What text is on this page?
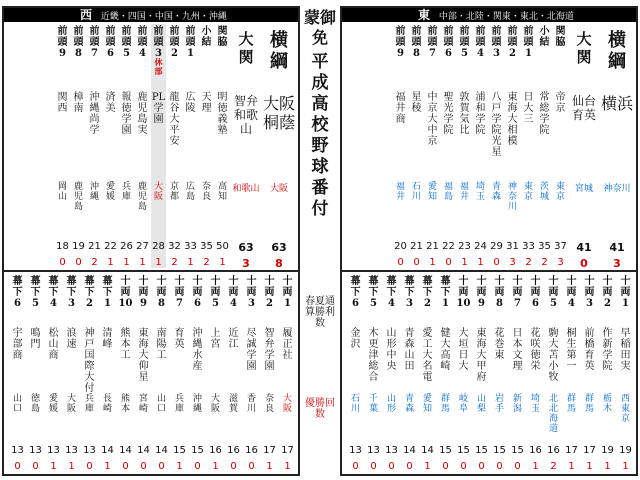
西 近畿・四国・中国・九州・沖縄
横綱
大阪桐蔭
大阪
63
8
大関
智弁和歌山
和歌山
63
3
関脇
明徳義塾
高知
50
1
小結
天理
奈良
35
2
前頭1
広陵
広島
33
1
前頭2
龍谷大平安
京都
32
2
前頭3
休部
PL学園
大阪
28
1
前頭4
鹿児島実
鹿児島
27
1
前頭5
報徳学園
兵庫
26
1
前頭6
済美
愛媛
22
1
前頭7
沖縄尚学
沖縄
21
2
前頭8
樟南
鹿児島
19
0
前頭9
関西
岡山
18
0
十両1
履正社
大阪
17
1
十両2
智弁学園
奈良
17
1
十両3
尽誠学園
香川
16
0
十両4
近江
滋賀
16
0
十両5
上宮
大阪
16
1
十両6
沖縄水産
沖縄
15
0
十両7
育英
兵庫
15
1
十両8
南陽工
山口
14
0
十両9
東海大仰星
宮崎
14
0
十両10
熊本工
熊本
14
0
幕下1
清峰
長崎
14
1
幕下2
神戸国際大付
兵庫
13
0
幕下3
浪速
大阪
13
1
幕下4
松山商
愛媛
13
1
幕下5
鳴門
徳島
13
0
幕下6
宇部商
山口
13
0
蒙御免
平成高校野球番付
春夏通算勝利数
優勝回数
東 中部・北陸・関東・東北・北海道
横綱
横浜
神奈川
41
3
大関
仙台育英
宮城
41
0
関脇
帝京
東京
37
3
小結
常総学院
茨城
35
2
前頭1
日大三
東京
33
2
前頭2
東海大相模
神奈川
31
3
前頭3
八戸学院光星
青森
29
0
前頭4
浦和学院
埼玉
24
1
前頭5
敦賀気比
福井
23
1
前頭6
聖光学院
福島
22
0
前頭7
中京大中京
愛知
21
1
前頭8
星稜
石川
21
0
前頭9
福井商
福井
20
0
十両1
早稲田実
西東京
19
1
十両2
作新学院
栃木
19
1
十両3
前橋育英
群馬
17
1
十両4
桐生第一
群馬
17
1
十両5
駒大苫小牧
北北海道
16
2
十両6
花咲徳栄
埼玉
16
1
十両7
日本文理
新潟
15
0
十両8
花巻東
岩手
15
0
十両9
東海大甲府
山梨
15
0
十両10
大垣日大
岐阜
15
0
幕下1
健大高崎
群馬
15
0
幕下2
愛工大名電
愛知
14
1
幕下3
青森山田
青森
14
0
幕下4
山形中央
山形
13
0
幕下5
木更津総合
千葉
13
0
幕下6
金沢
石川
13
0
